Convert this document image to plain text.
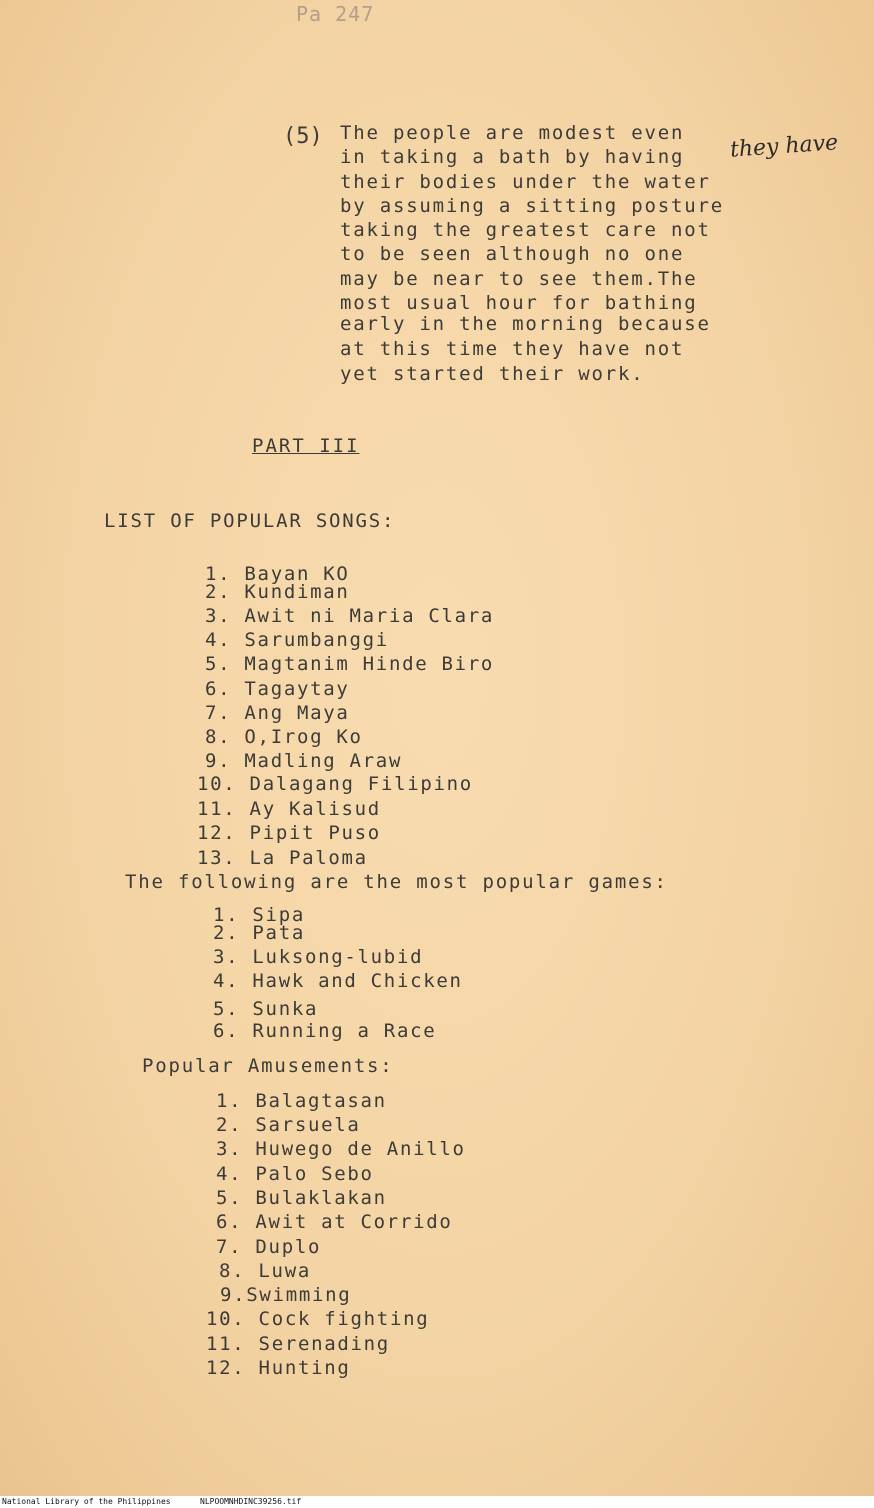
Pa 247
(5) The people are modest even
in taking a bath by having
their bodies under the water
by assuming a sitting posture
taking the greatest care not
to be seen although no one
may be near to see them.The
most usual hour for bathing
early in the morning because
at this time they have not
yet started their work.
they have
PART III
LIST OF POPULAR SONGS:
1. Bayan KO
2. Kundiman
3. Awit ni Maria Clara
4. Sarumbanggi
5. Magtanim Hinde Biro
6. Tagaytay
7. Ang Maya
8. O,Irog Ko
9. Madling Araw
10. Dalagang Filipino
11. Ay Kalisud
12. Pipit Puso
13. La Paloma
The following are the most popular games:
1. Sipa
2. Pata
3. Luksong-lubid
4. Hawk and Chicken
5. Sunka
6. Running a Race
Popular Amusements:
1. Balagtasan
2. Sarsuela
3. Huwego de Anillo
4. Palo Sebo
5. Bulaklakan
6. Awit at Corrido
7. Duplo
8. Luwa
9.Swimming
10. Cock fighting
11. Serenading
12. Hunting
National Library of the Philippines	NLPOOMNHDINC39256.tif
